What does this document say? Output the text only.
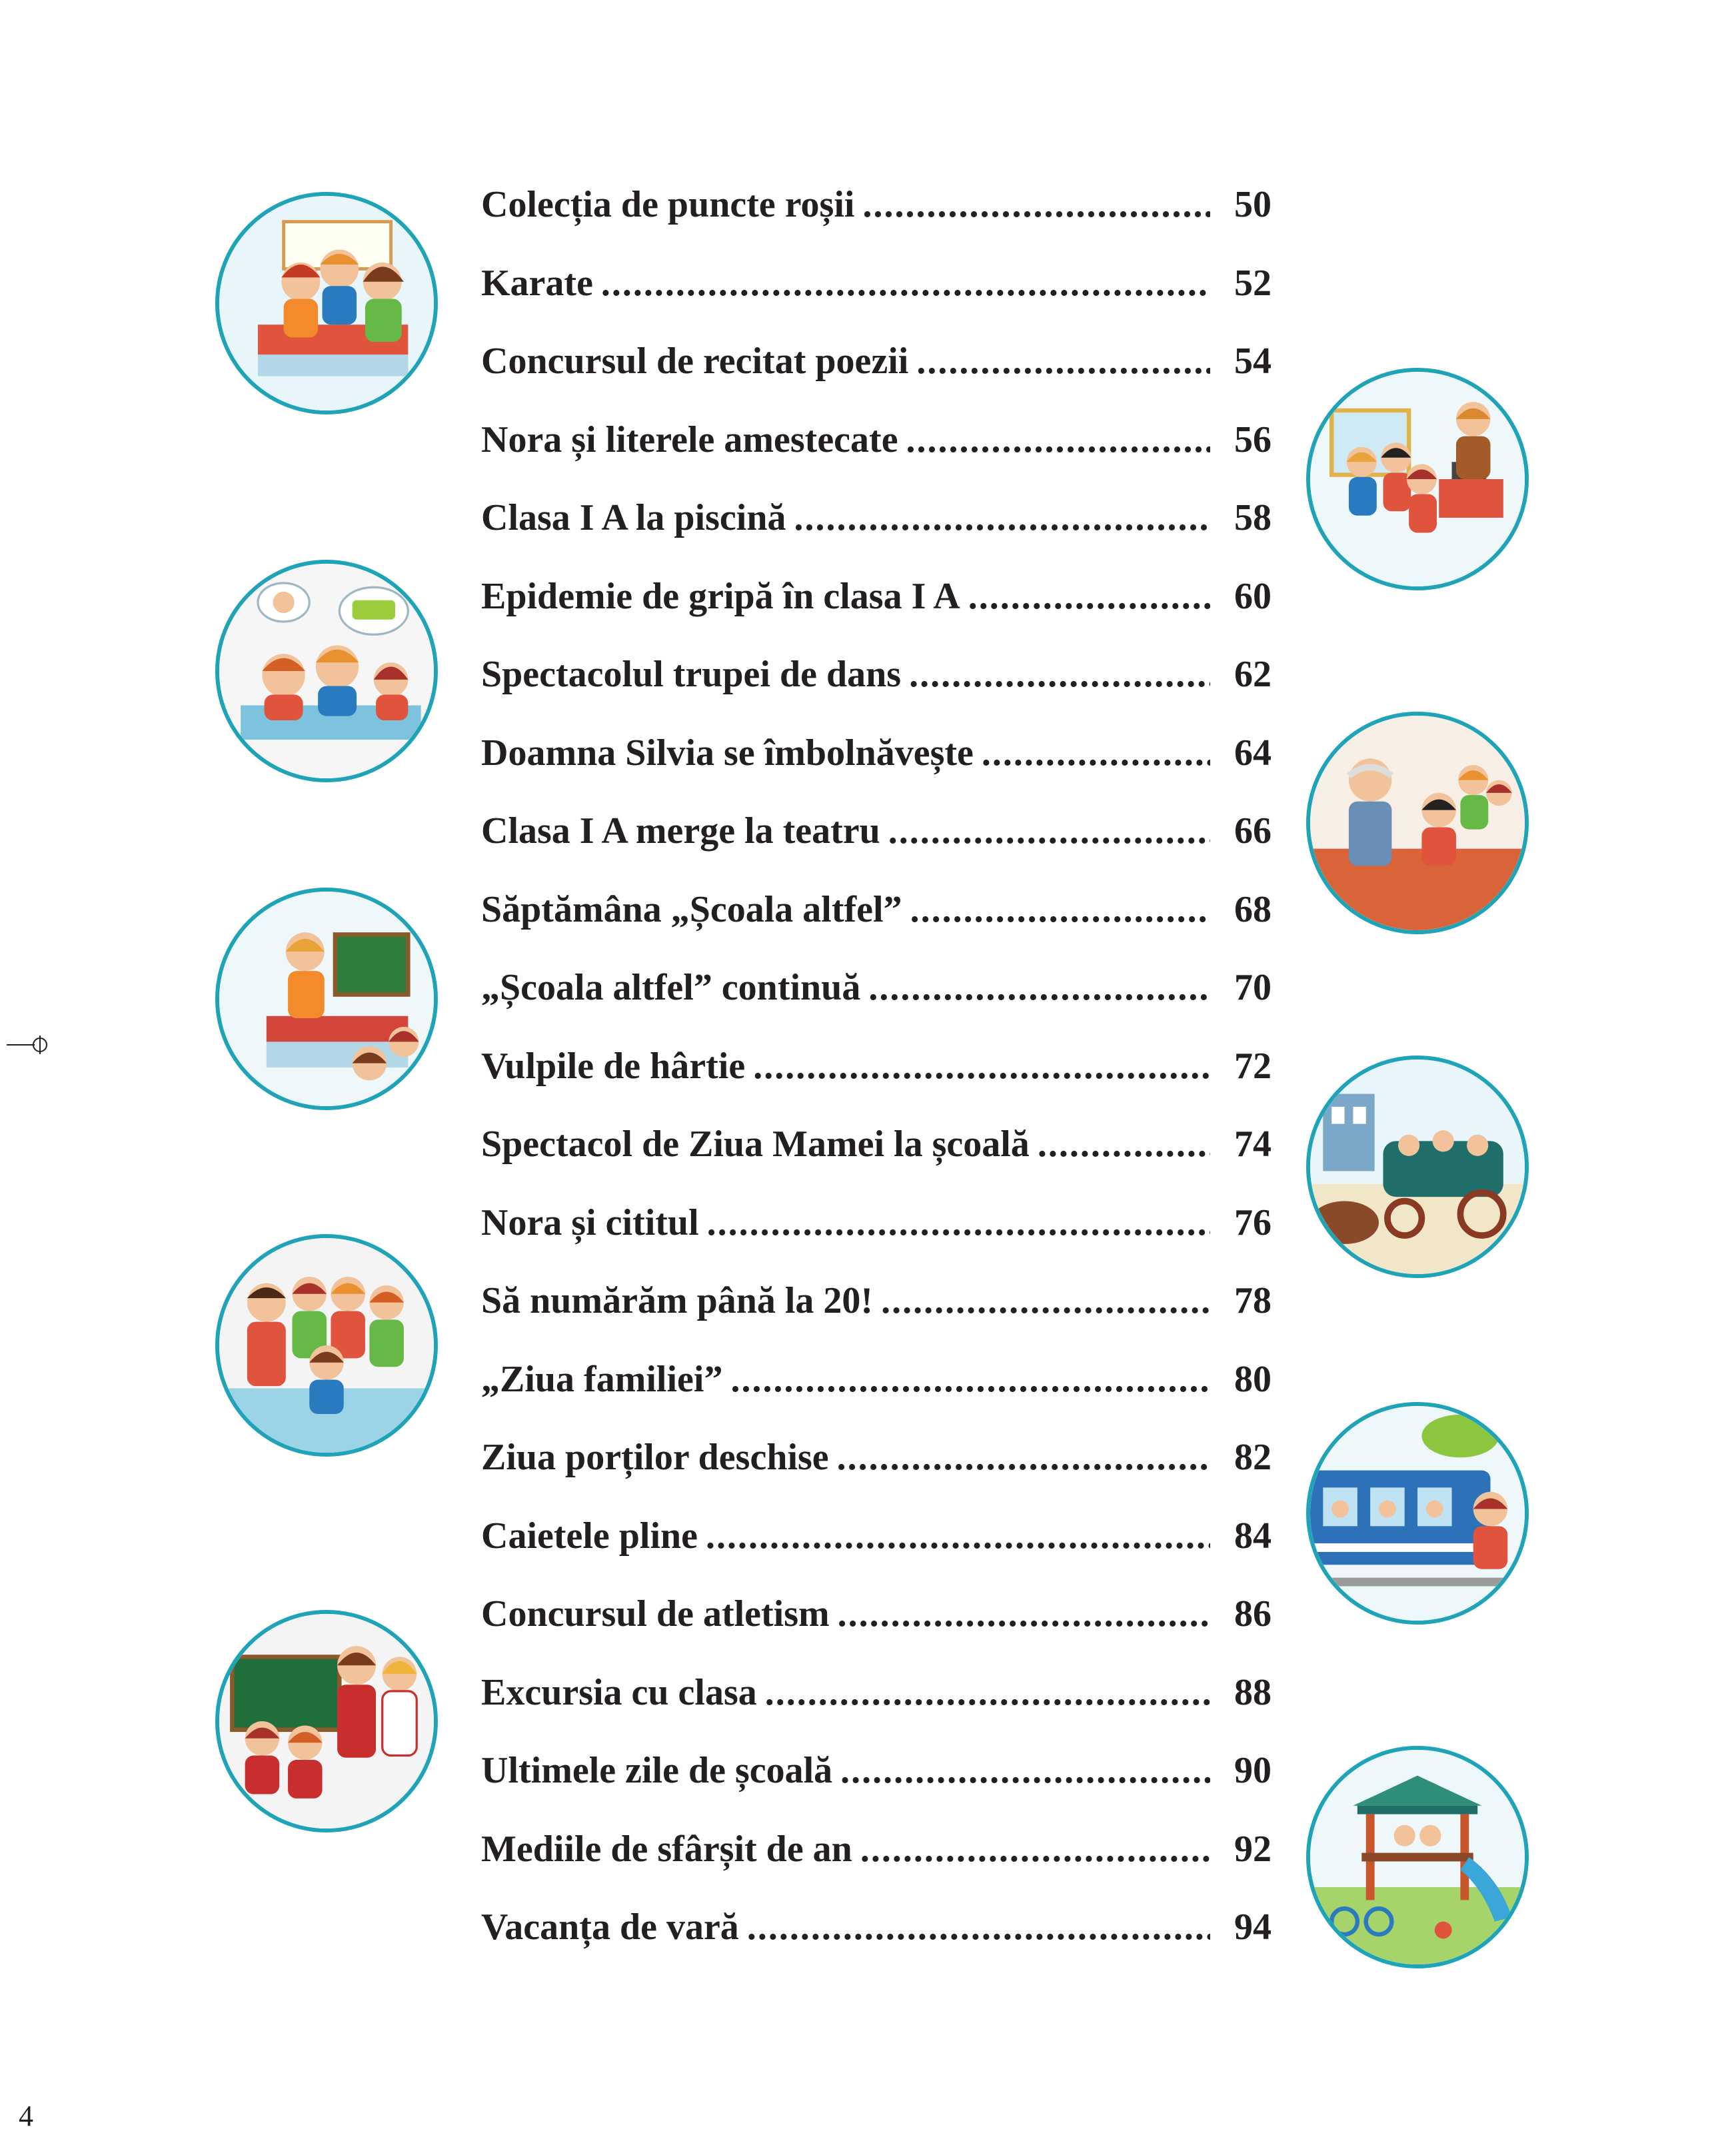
Colecția de puncte roșii .....	50
Karate .....	52
Concursul de recitat poezii .....	54
Nora și literele amestecate .....	56
Clasa I A la piscină .....	58
Epidemie de gripă în clasa I A .....	60
Spectacolul trupei de dans .....	62
Doamna Silvia se îmbolnăvește .....	64
Clasa I A merge la teatru .....	66
Săptămâna „Școala altfel” .....	68
„Școala altfel” continuă .....	70
Vulpile de hârtie .....	72
Spectacol de Ziua Mamei la școală .....	74
Nora și cititul .....	76
Să numărăm până la 20! .....	78
„Ziua familiei” .....	80
Ziua porților deschise .....	82
Caietele pline .....	84
Concursul de atletism .....	86
Excursia cu clasa .....	88
Ultimele zile de școală .....	90
Mediile de sfârșit de an .....	92
Vacanța de vară .....	94
4
